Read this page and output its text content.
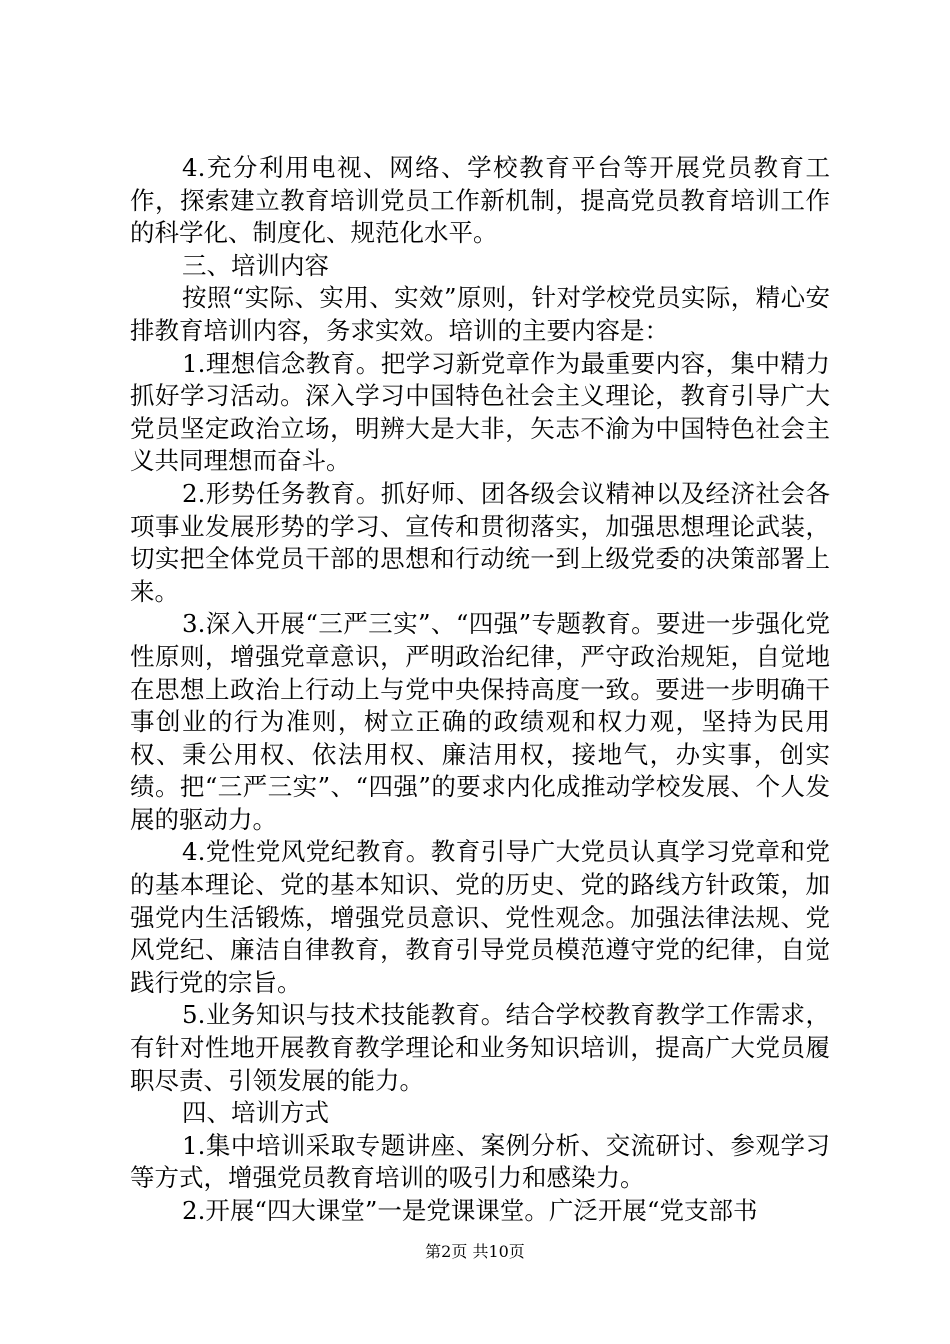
4.充分利用电视、网络、学校教育平台等开展党员教育工作，探索建立教育培训党员工作新机制，提高党员教育培训工作的科学化、制度化、规范化水平。

三、培训内容

按照“实际、实用、实效”原则，针对学校党员实际，精心安排教育培训内容，务求实效。培训的主要内容是：

1.理想信念教育。把学习新党章作为最重要内容，集中精力抓好学习活动。深入学习中国特色社会主义理论，教育引导广大党员坚定政治立场，明辨大是大非，矢志不渝为中国特色社会主义共同理想而奋斗。

2.形势任务教育。抓好师、团各级会议精神以及经济社会各项事业发展形势的学习、宣传和贯彻落实，加强思想理论武装，切实把全体党员干部的思想和行动统一到上级党委的决策部署上来。

3.深入开展“三严三实”、“四强”专题教育。要进一步强化党性原则，增强党章意识，严明政治纪律，严守政治规矩，自觉地在思想上政治上行动上与党中央保持高度一致。要进一步明确干事创业的行为准则，树立正确的政绩观和权力观，坚持为民用权、秉公用权、依法用权、廉洁用权，接地气，办实事，创实绩。把“三严三实”、“四强”的要求内化成推动学校发展、个人发展的驱动力。

4.党性党风党纪教育。教育引导广大党员认真学习党章和党的基本理论、党的基本知识、党的历史、党的路线方针政策，加强党内生活锻炼，增强党员意识、党性观念。加强法律法规、党风党纪、廉洁自律教育，教育引导党员模范遵守党的纪律，自觉践行党的宗旨。

5.业务知识与技术技能教育。结合学校教育教学工作需求，有针对性地开展教育教学理论和业务知识培训，提高广大党员履职尽责、引领发展的能力。

四、培训方式

1.集中培训采取专题讲座、案例分析、交流研讨、参观学习等方式，增强党员教育培训的吸引力和感染力。

2.开展“四大课堂”一是党课课堂。广泛开展“党支部书

第2页 共10页
